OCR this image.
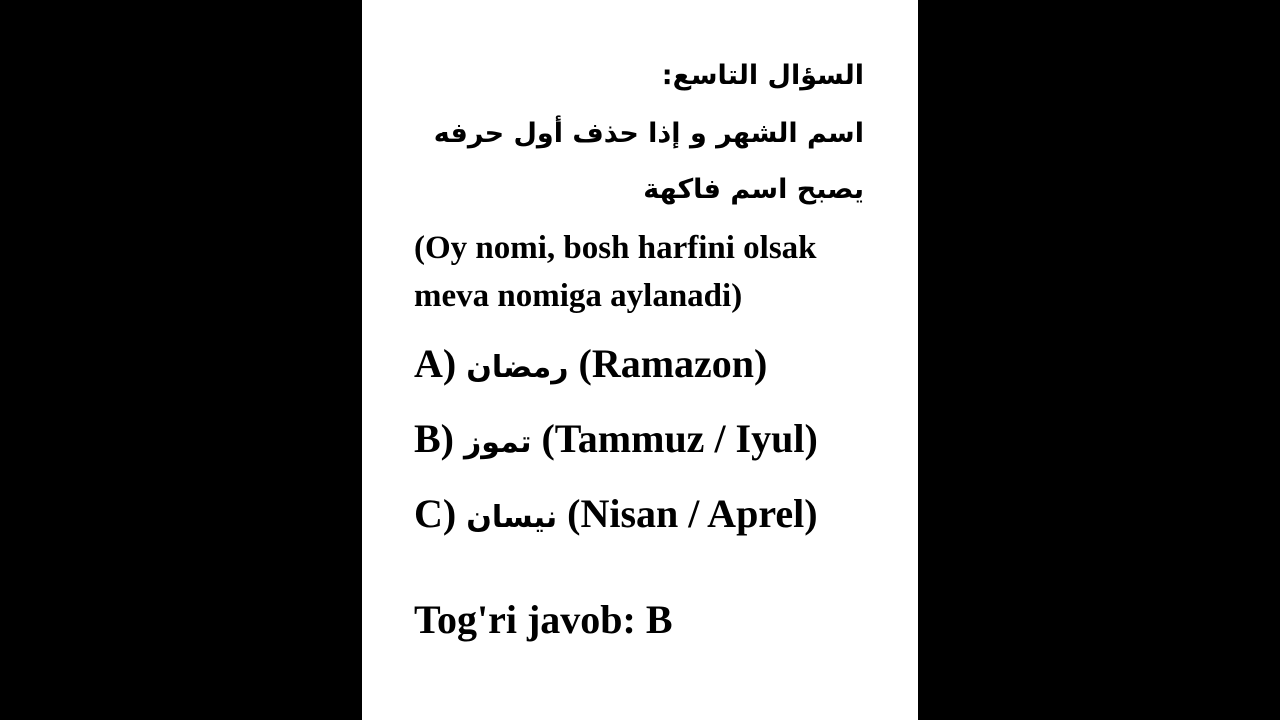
السؤال التاسع:
اسم الشهر و إذا حذف أول حرفه
يصبح اسم فاكهة
(Oy nomi, bosh harfini olsak
meva nomiga aylanadi)
A) رمضان (Ramazon)
B) تموز (Tammuz / Iyul)
C) نيسان (Nisan / Aprel)
Tog'ri javob: B
